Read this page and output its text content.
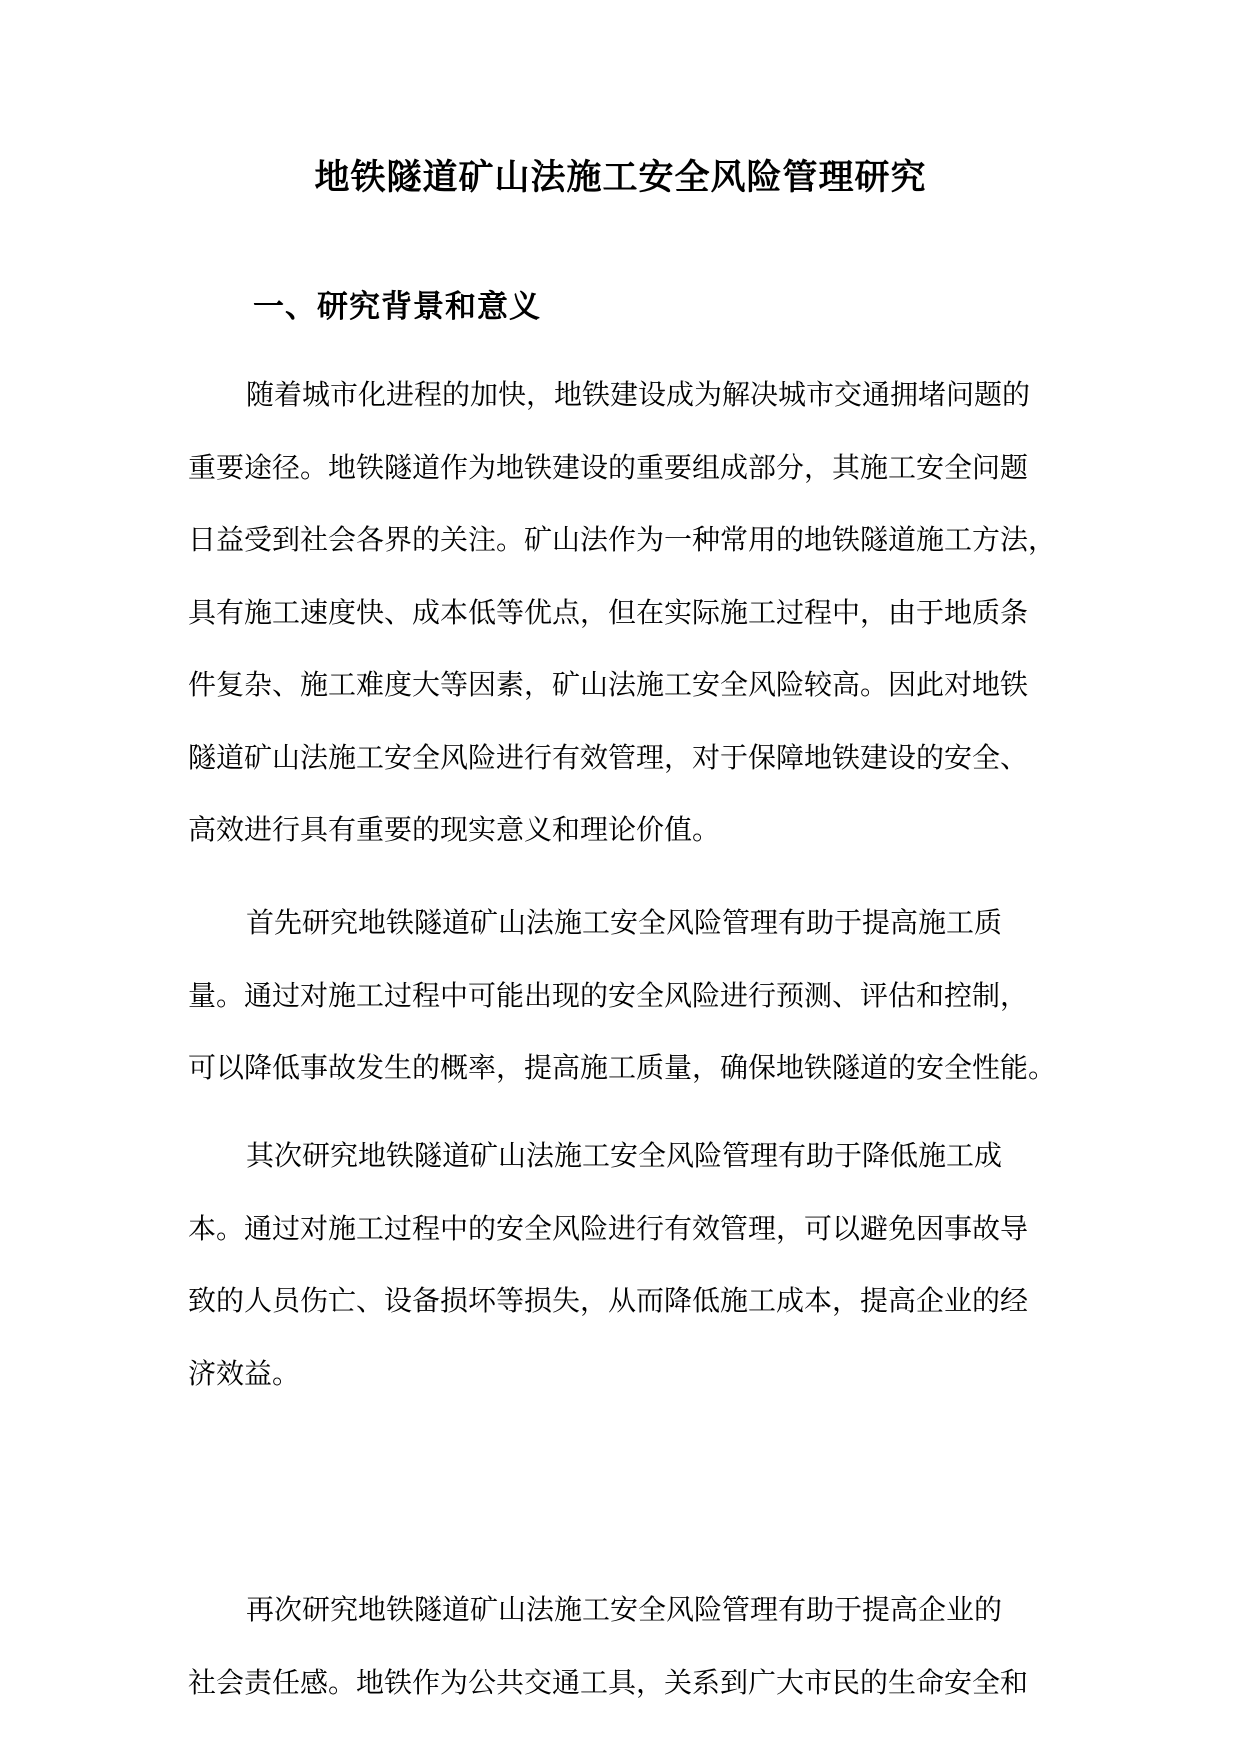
地铁隧道矿山法施工安全风险管理研究
一、研究背景和意义
随着城市化进程的加快，地铁建设成为解决城市交通拥堵问题的
重要途径。地铁隧道作为地铁建设的重要组成部分，其施工安全问题
日益受到社会各界的关注。矿山法作为一种常用的地铁隧道施工方法，
具有施工速度快、成本低等优点，但在实际施工过程中，由于地质条
件复杂、施工难度大等因素，矿山法施工安全风险较高。因此对地铁
隧道矿山法施工安全风险进行有效管理，对于保障地铁建设的安全、
高效进行具有重要的现实意义和理论价值。
首先研究地铁隧道矿山法施工安全风险管理有助于提高施工质
量。通过对施工过程中可能出现的安全风险进行预测、评估和控制，
可以降低事故发生的概率，提高施工质量，确保地铁隧道的安全性能。
其次研究地铁隧道矿山法施工安全风险管理有助于降低施工成
本。通过对施工过程中的安全风险进行有效管理，可以避免因事故导
致的人员伤亡、设备损坏等损失，从而降低施工成本，提高企业的经
济效益。
再次研究地铁隧道矿山法施工安全风险管理有助于提高企业的
社会责任感。地铁作为公共交通工具，关系到广大市民的生命安全和
